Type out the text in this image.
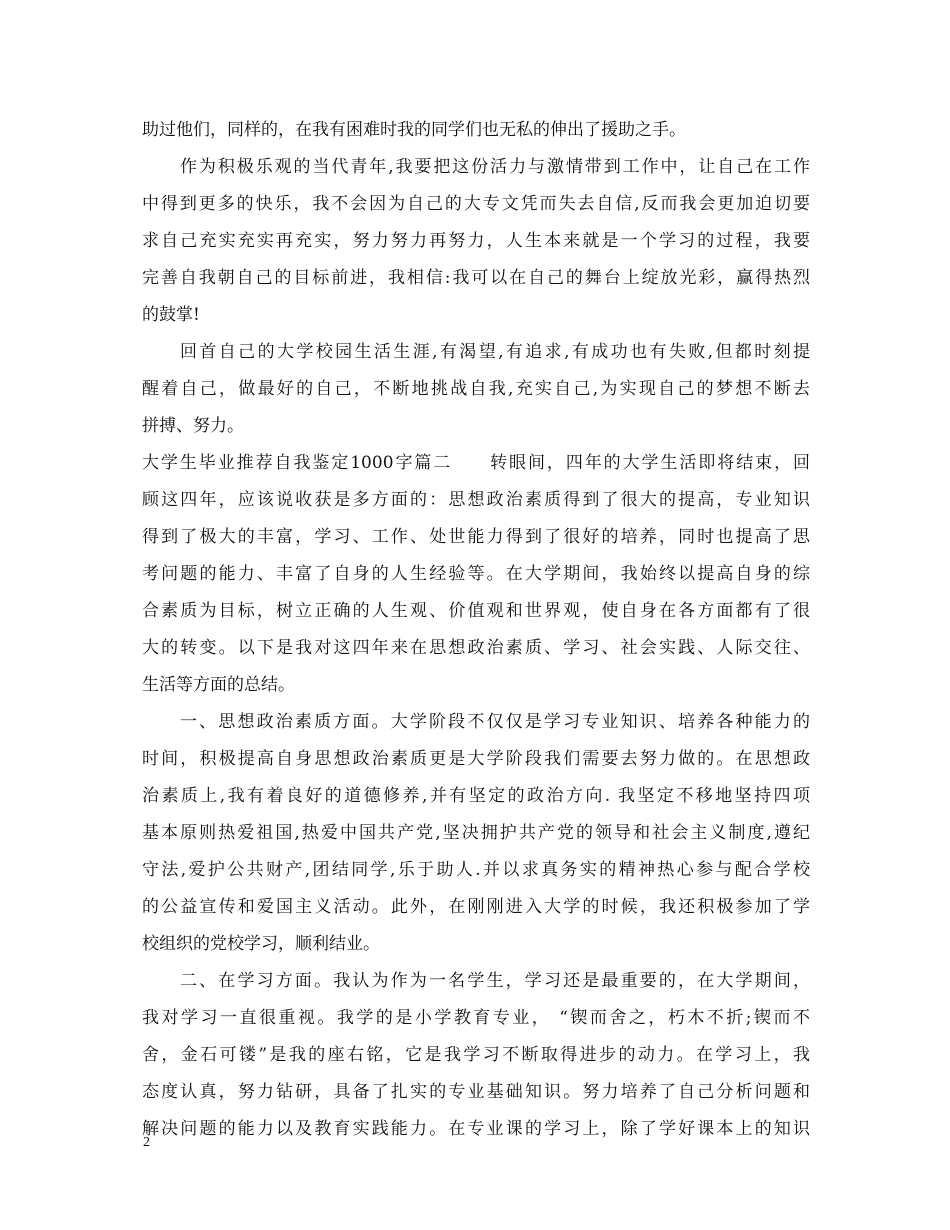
助过他们，同样的，在我有困难时我的同学们也无私的伸出了援助之手。
作为积极乐观的当代青年,我要把这份活力与激情带到工作中，让自己在工作
中得到更多的快乐，我不会因为自己的大专文凭而失去自信,反而我会更加迫切要
求自己充实充实再充实，努力努力再努力，人生本来就是一个学习的过程，我要
完善自我朝自己的目标前进，我相信:我可以在自己的舞台上绽放光彩，赢得热烈
的鼓掌!
回首自己的大学校园生活生涯,有渴望,有追求,有成功也有失败,但都时刻提
醒着自己，做最好的自己，不断地挑战自我,充实自己,为实现自己的梦想不断去
拼搏、努力。
大学生毕业推荐自我鉴定1000字篇二　　转眼间，四年的大学生活即将结束，回
顾这四年，应该说收获是多方面的：思想政治素质得到了很大的提高，专业知识
得到了极大的丰富，学习、工作、处世能力得到了很好的培养，同时也提高了思
考问题的能力、丰富了自身的人生经验等。在大学期间，我始终以提高自身的综
合素质为目标，树立正确的人生观、价值观和世界观，使自身在各方面都有了很
大的转变。以下是我对这四年来在思想政治素质、学习、社会实践、人际交往、
生活等方面的总结。
一、思想政治素质方面。大学阶段不仅仅是学习专业知识、培养各种能力的
时间，积极提高自身思想政治素质更是大学阶段我们需要去努力做的。在思想政
治素质上,我有着良好的道德修养,并有坚定的政治方向. 我坚定不移地坚持四项
基本原则热爱祖国,热爱中国共产党,坚决拥护共产党的领导和社会主义制度,遵纪
守法,爱护公共财产,团结同学,乐于助人.并以求真务实的精神热心参与配合学校
的公益宣传和爱国主义活动。此外，在刚刚进入大学的时候，我还积极参加了学
校组织的党校学习，顺利结业。
二、在学习方面。我认为作为一名学生，学习还是最重要的，在大学期间，
我对学习一直很重视。我学的是小学教育专业， “锲而舍之，朽木不折;锲而不
舍，金石可镂”是我的座右铭，它是我学习不断取得进步的动力。在学习上，我
态度认真，努力钻研，具备了扎实的专业基础知识。努力培养了自己分析问题和
解决问题的能力以及教育实践能力。在专业课的学习上，除了学好课本上的知识
2
